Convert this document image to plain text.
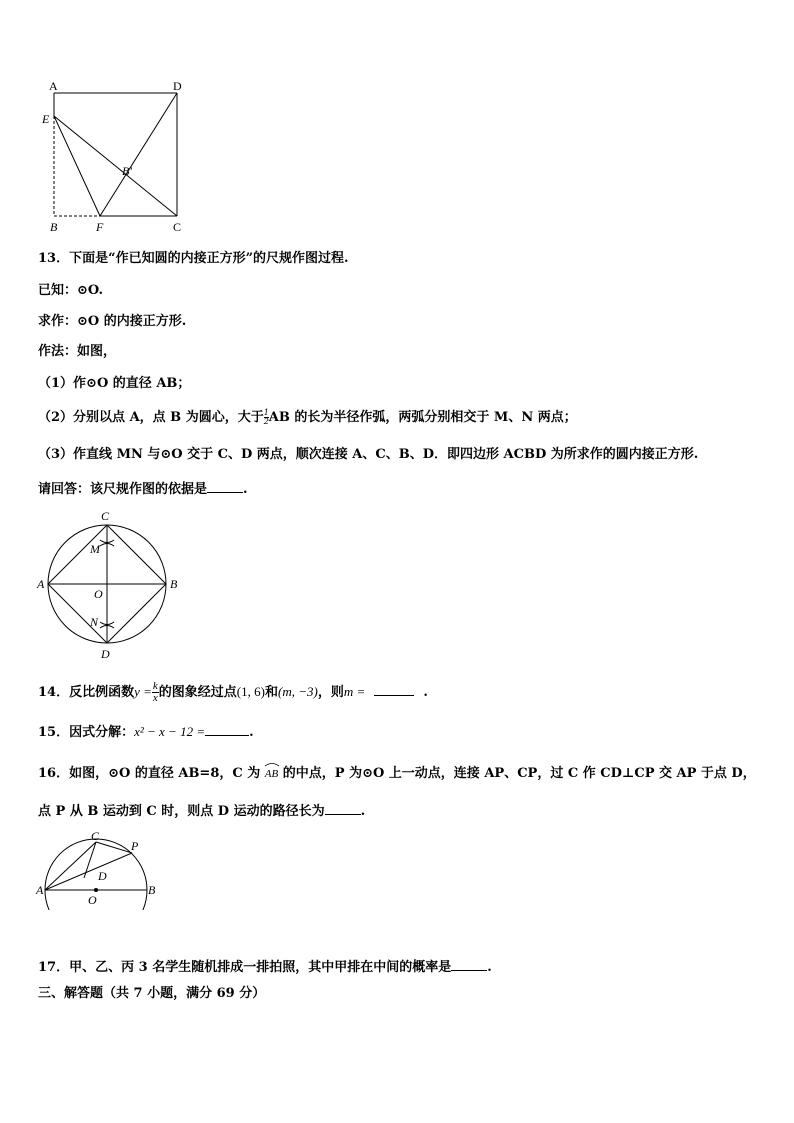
A	D
E
B′
B	F	C
13．下面是“作已知圆的内接正方形”的尺规作图过程.
已知：⊙O.
求作：⊙O 的内接正方形.
作法：如图，
（1）作⊙O 的直径 AB；
（2）分别以点 A，点 B 为圆心，大于 $\frac{1}{2}$ AB 的长为半径作弧，两弧分别相交于 M、N 两点；
（3）作直线 MN 与⊙O 交于 C、D 两点，顺次连接 A、C、B、D．即四边形 ACBD 为所求作的圆内接正方形.
请回答：该尺规作图的依据是	.
C
M
A
O
B
N
D
14．反比例函数$y = \frac{k}{x}$ 的图象经过点(1, 6)和(m, −3)，则m =	.
15．因式分解：x² − x − 12 =	.
16．如图，⊙O 的直径 AB=8，C 为 AB 的中点，P 为⊙O 上一动点，连接 AP、CP，过 C 作 CD⊥CP 交 AP 于点 D，
点 P 从 B 运动到 C 时，则点 D 运动的路径长为	.
C
P
D
A
O
B
17．甲、乙、丙 3 名学生随机排成一排拍照，其中甲排在中间的概率是	.
三、解答题（共 7 小题，满分 69 分）
